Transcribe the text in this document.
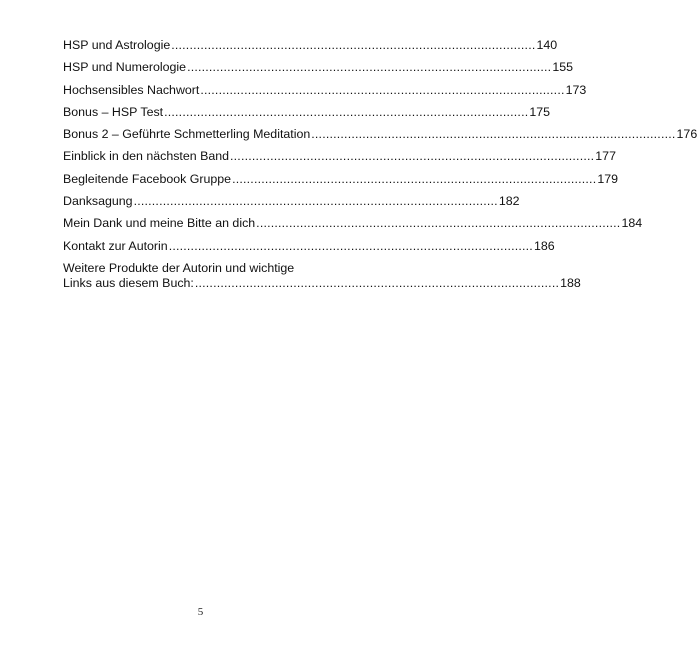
HSP und Astrologie .................................................................................................... 140
HSP und Numerologie .................................................................................................... 155
Hochsensibles Nachwort .................................................................................................... 173
Bonus – HSP Test .................................................................................................... 175
Bonus 2 – Geführte Schmetterling Meditation .................................................................................................... 176
Einblick in den nächsten Band .................................................................................................... 177
Begleitende Facebook Gruppe .................................................................................................... 179
Danksagung .................................................................................................... 182
Mein Dank und meine Bitte an dich .................................................................................................... 184
Kontakt zur Autorin .................................................................................................... 186
Weitere Produkte der Autorin und wichtige
Links aus diesem Buch: .................................................................................................... 188
5
